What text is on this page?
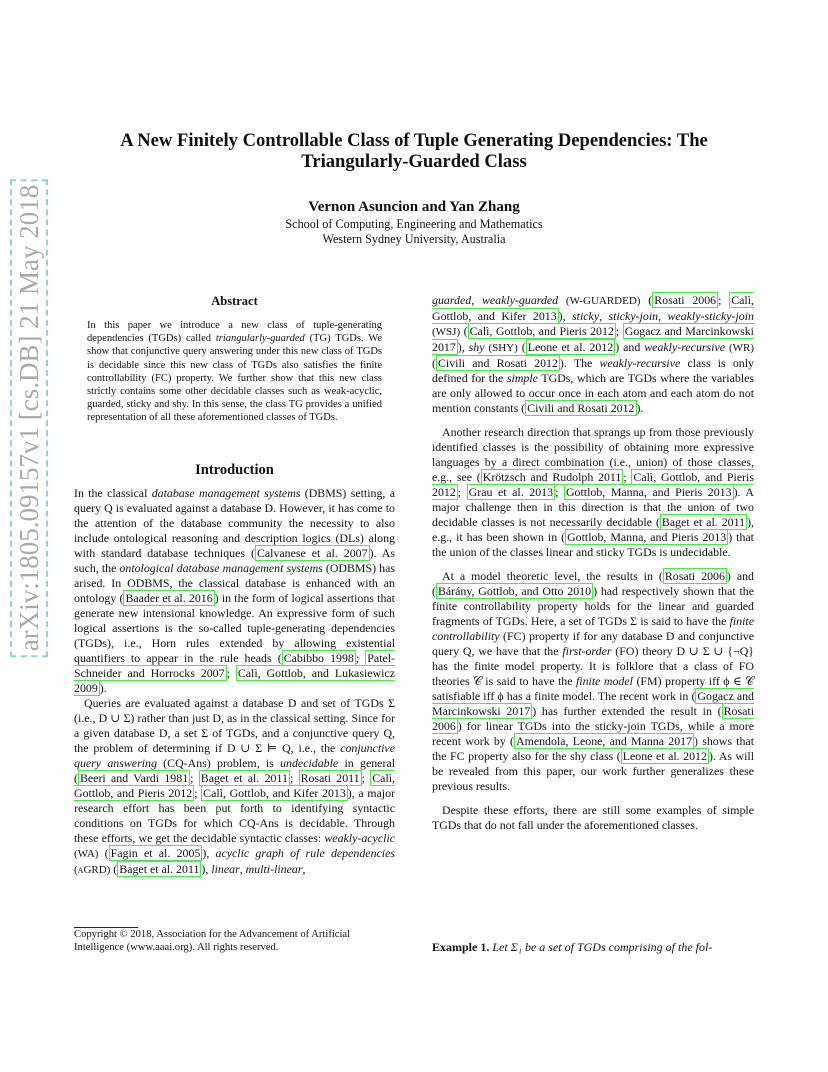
arXiv:1805.09157v1 [cs.DB] 21 May 2018
A New Finitely Controllable Class of Tuple Generating Dependencies: The
Triangularly-Guarded Class
Vernon Asuncion and Yan Zhang
School of Computing, Engineering and Mathematics
Western Sydney University, Australia
Abstract
In this paper we introduce a new class of tuple-generating dependencies (TGDs) called triangularly-guarded (TG) TGDs. We show that conjunctive query answering under this new class of TGDs is decidable since this new class of TGDs also satisfies the finite controllability (FC) property. We further show that this new class strictly contains some other decidable classes such as weak-acyclic, guarded, sticky and shy. In this sense, the class TG provides a unified representation of all these aforementioned classes of TGDs.
Introduction

In the classical database management systems (DBMS) setting, a query Q is evaluated against a database D. However, it has come to the attention of the database community the necessity to also include ontological reasoning and description logics (DLs) along with standard database techniques ( Calvanese et al. 2007 ). As such, the ontological database management systems (ODBMS) has arised. In ODBMS, the classical database is enhanced with an ontology ( Baader et al. 2016 ) in the form of logical assertions that generate new intensional knowledge. An expressive form of such logical assertions is the so-called tuple-generating dependencies (TGDs), i.e., Horn rules extended by allowing existential quantifiers to appear in the rule heads ( Cabibbo 1998 ; Patel-Schneider and Horrocks 2007 ; Calì, Gottlob, and Lukasiewicz 2009 ).

Queries are evaluated against a database D and set of TGDs Σ (i.e., D ∪ Σ) rather than just D, as in the classical setting. Since for a given database D, a set Σ of TGDs, and a conjunctive query Q, the problem of determining if D ∪ Σ ⊨ Q, i.e., the conjunctive query answering (CQ-Ans) problem, is undecidable in general ( Beeri and Vardi 1981 ; Baget et al. 2011 ; Rosati 2011 ; Calì, Gottlob, and Pieris 2012 ; Calì, Gottlob, and Kifer 2013 ), a major research effort has been put forth to identifying syntactic conditions on TGDs for which CQ-Ans is decidable. Through these efforts, we get the decidable syntactic classes: weakly-acyclic (WA) ( Fagin et al. 2005 ), acyclic graph of rule dependencies (aGRD) ( Baget et al. 2011 ), linear, multi-linear,

Copyright © 2018, Association for the Advancement of Artificial Intelligence (www.aaai.org). All rights reserved.

guarded, weakly-guarded (W-GUARDED) ( Rosati 2006 ; Calì, Gottlob, and Kifer 2013 ), sticky, sticky-join, weakly-sticky-join (WSJ) ( Calì, Gottlob, and Pieris 2012 ; Gogacz and Marcinkowski 2017 ), shy (SHY) ( Leone et al. 2012 ) and weakly-recursive (WR) ( Civili and Rosati 2012 ). The weakly-recursive class is only defined for the simple TGDs, which are TGDs where the variables are only allowed to occur once in each atom and each atom do not mention constants ( Civili and Rosati 2012 ).

Another research direction that sprangs up from those previously identified classes is the possibility of obtaining more expressive languages by a direct combination (i.e., union) of those classes, e.g., see ( Krötzsch and Rudolph 2011 ; Calì, Gottlob, and Pieris 2012 ; Grau et al. 2013 ; Gottlob, Manna, and Pieris 2013 ). A major challenge then in this direction is that the union of two decidable classes is not necessarily decidable ( Baget et al. 2011 ), e.g., it has been shown in ( Gottlob, Manna, and Pieris 2013 ) that the union of the classes linear and sticky TGDs is undecidable.

At a model theoretic level, the results in ( Rosati 2006 ) and ( Bárány, Gottlob, and Otto 2010 ) had respectively shown that the finite controllability property holds for the linear and guarded fragments of TGDs. Here, a set of TGDs Σ is said to have the finite controllability (FC) property if for any database D and conjunctive query Q, we have that the first-order (FO) theory D ∪ Σ ∪ {¬Q} has the finite model property. It is folklore that a class of FO theories 𝒞 is said to have the finite model (FM) property iff ϕ ∈ 𝒞 satisfiable iff ϕ has a finite model. The recent work in ( Gogacz and Marcinkowski 2017 ) has further extended the result in ( Rosati 2006 ) for linear TGDs into the sticky-join TGDs, while a more recent work by ( Amendola, Leone, and Manna 2017 ) shows that the FC property also for the shy class ( Leone et al. 2012 ). As will be revealed from this paper, our work further generalizes these previous results.

Despite these efforts, there are still some examples of simple TGDs that do not fall under the aforementioned classes.

Example 1. Let Σ₁ be a set of TGDs comprising of the fol-
